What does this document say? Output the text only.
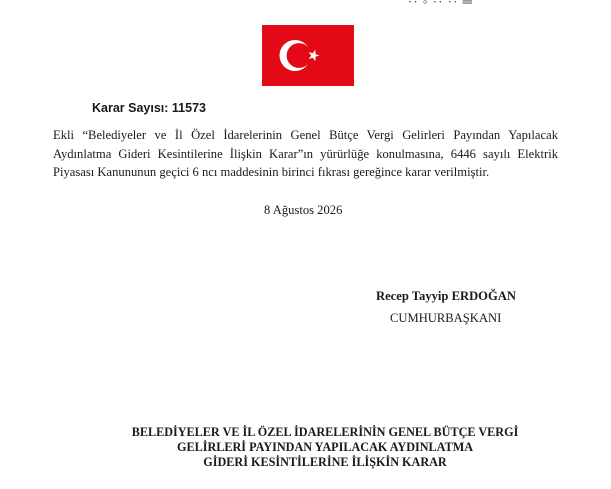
·· ◦ ·· ·· ═
Karar Sayısı: 11573
Ekli “Belediyeler ve İl Özel İdarelerinin Genel Bütçe Vergi Gelirleri Payından Yapılacak Aydınlatma Gideri Kesintilerine İlişkin Karar”ın yürürlüğe konulmasına, 6446 sayılı Elektrik Piyasası Kanununun geçici 6 ncı maddesinin birinci fıkrası gereğince karar verilmiştir.
8 Ağustos 2026
Recep Tayyip ERDOĞAN
CUMHURBAŞKANI
BELEDİYELER VE İL ÖZEL İDARELERİNİN GENEL BÜTÇE VERGİ
GELİRLERİ PAYINDAN YAPILACAK AYDINLATMA
GİDERİ KESİNTİLERİNE İLİŞKİN KARAR
